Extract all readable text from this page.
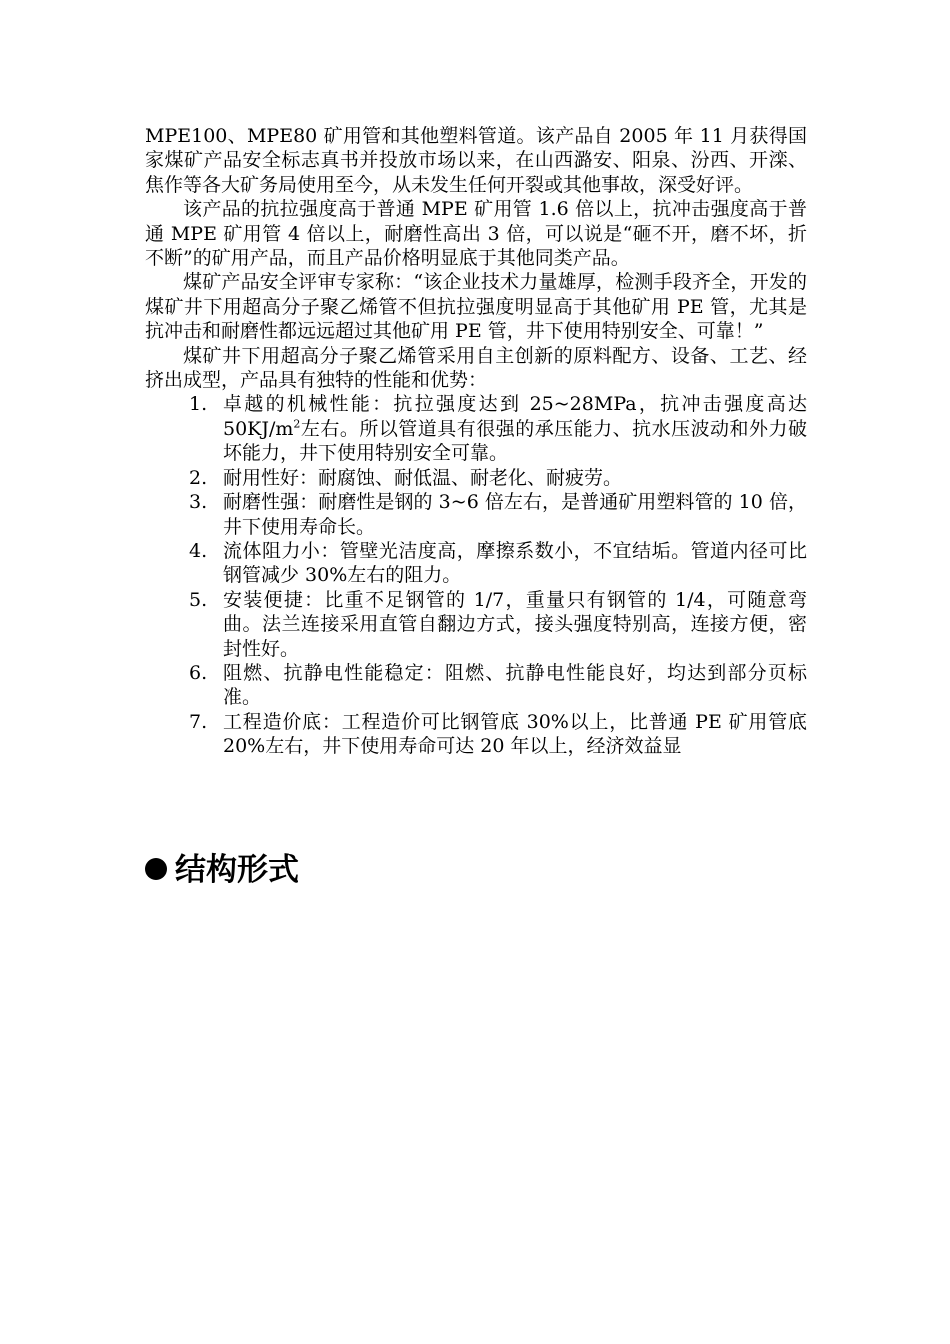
MPE100、MPE80 矿用管和其他塑料管道。该产品自 2005 年 11 月获得国家煤矿产品安全标志真书并投放市场以来，在山西潞安、阳泉、汾西、开滦、焦作等各大矿务局使用至今，从未发生任何开裂或其他事故，深受好评。

该产品的抗拉强度高于普通 MPE 矿用管 1.6 倍以上，抗冲击强度高于普通 MPE 矿用管 4 倍以上，耐磨性高出 3 倍，可以说是“砸不开，磨不坏，折不断”的矿用产品，而且产品价格明显底于其他同类产品。

煤矿产品安全评审专家称：“该企业技术力量雄厚，检测手段齐全，开发的煤矿井下用超高分子聚乙烯管不但抗拉强度明显高于其他矿用 PE 管，尤其是抗冲击和耐磨性都远远超过其他矿用 PE 管，井下使用特别安全、可靠！”

煤矿井下用超高分子聚乙烯管采用自主创新的原料配方、设备、工艺、经挤出成型，产品具有独特的性能和优势：

1. 卓越的机械性能：抗拉强度达到 25~28MPa，抗冲击强度高达 $50KJ/m^2$左右。所以管道具有很强的承压能力、抗水压波动和外力破坏能力，井下使用特别安全可靠。
2. 耐用性好：耐腐蚀、耐低温、耐老化、耐疲劳。
3. 耐磨性强：耐磨性是钢的 3~6 倍左右，是普通矿用塑料管的 10 倍，井下使用寿命长。
4. 流体阻力小：管壁光洁度高，摩擦系数小，不宜结垢。管道内径可比钢管减少 30%左右的阻力。
5. 安装便捷：比重不足钢管的 1/7，重量只有钢管的 1/4，可随意弯曲。法兰连接采用直管自翻边方式，接头强度特别高，连接方便，密封性好。
6. 阻燃、抗静电性能稳定：阻燃、抗静电性能良好，均达到部分页标准。
7. 工程造价底：工程造价可比钢管底 30%以上，比普通 PE 矿用管底 20%左右，井下使用寿命可达 20 年以上，经济效益显
结构形式
